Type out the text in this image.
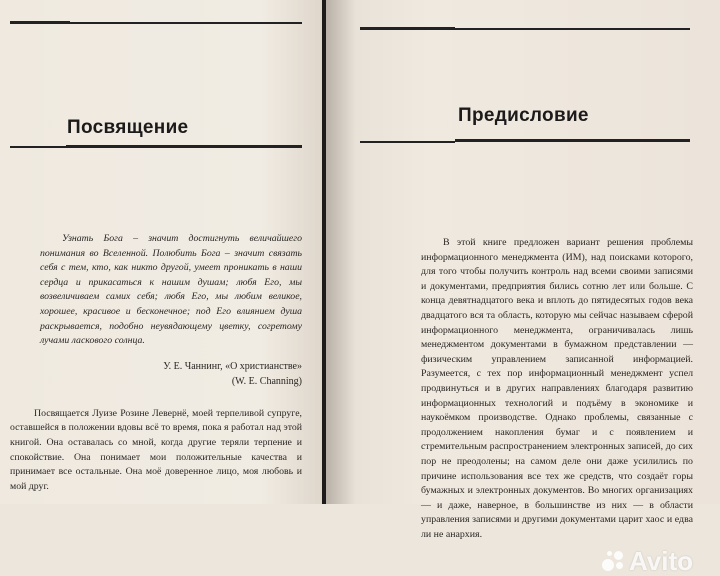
Посвящение
Узнать Бога – значит достигнуть величайшего понимания во Вселенной. Полюбить Бога – значит связать себя с тем, кто, как никто другой, умеет проникать в наши сердца и прикасаться к нашим душам; любя Его, мы возвеличиваем самих себя; любя Его, мы любим великое, хорошее, красивое и бесконечное; под Его влиянием душа раскрывается, подобно неувядающему цветку, согретому лучами ласкового солнца.
У. Е. Чаннинг, «О христианстве»
(W. E. Channing)
Посвящается Луизе Розине Левернё, моей терпеливой супруге, оставшейся в положении вдовы всё то время, пока я работал над этой книгой. Она оставалась со мной, когда другие теряли терпение и спокойствие. Она понимает мои положительные качества и принимает все остальные. Она моё доверенное лицо, моя любовь и мой друг.
Предисловие
В этой книге предложен вариант решения проблемы информационного менеджмента (ИМ), над поисками которого, для того чтобы получить контроль над всеми своими записями и документами, предприятия бились сотню лет или больше. С конца девятнадцатого века и вплоть до пятидесятых годов века двадцатого вся та область, которую мы сейчас называем сферой информационного менеджмента, ограничивалась лишь менеджментом документами в бумажном представлении — физическим управлением записанной информацией. Разумеется, с тех пор информационный менеджмент успел продвинуться и в других направлениях благодаря развитию информационных технологий и подъёму в экономике и наукоёмком производстве. Однако проблемы, связанные с продолжением накопления бумаг и с появлением и стремительным распространением электронных записей, до сих пор не преодолены; на самом деле они даже усилились по причине использования все тех же средств, что создаёт горы бумажных и электронных документов. Во многих организациях — и даже, наверное, в большинстве из них — в области управления записями и другими документами царит хаос и едва ли не анархия.
Avito
